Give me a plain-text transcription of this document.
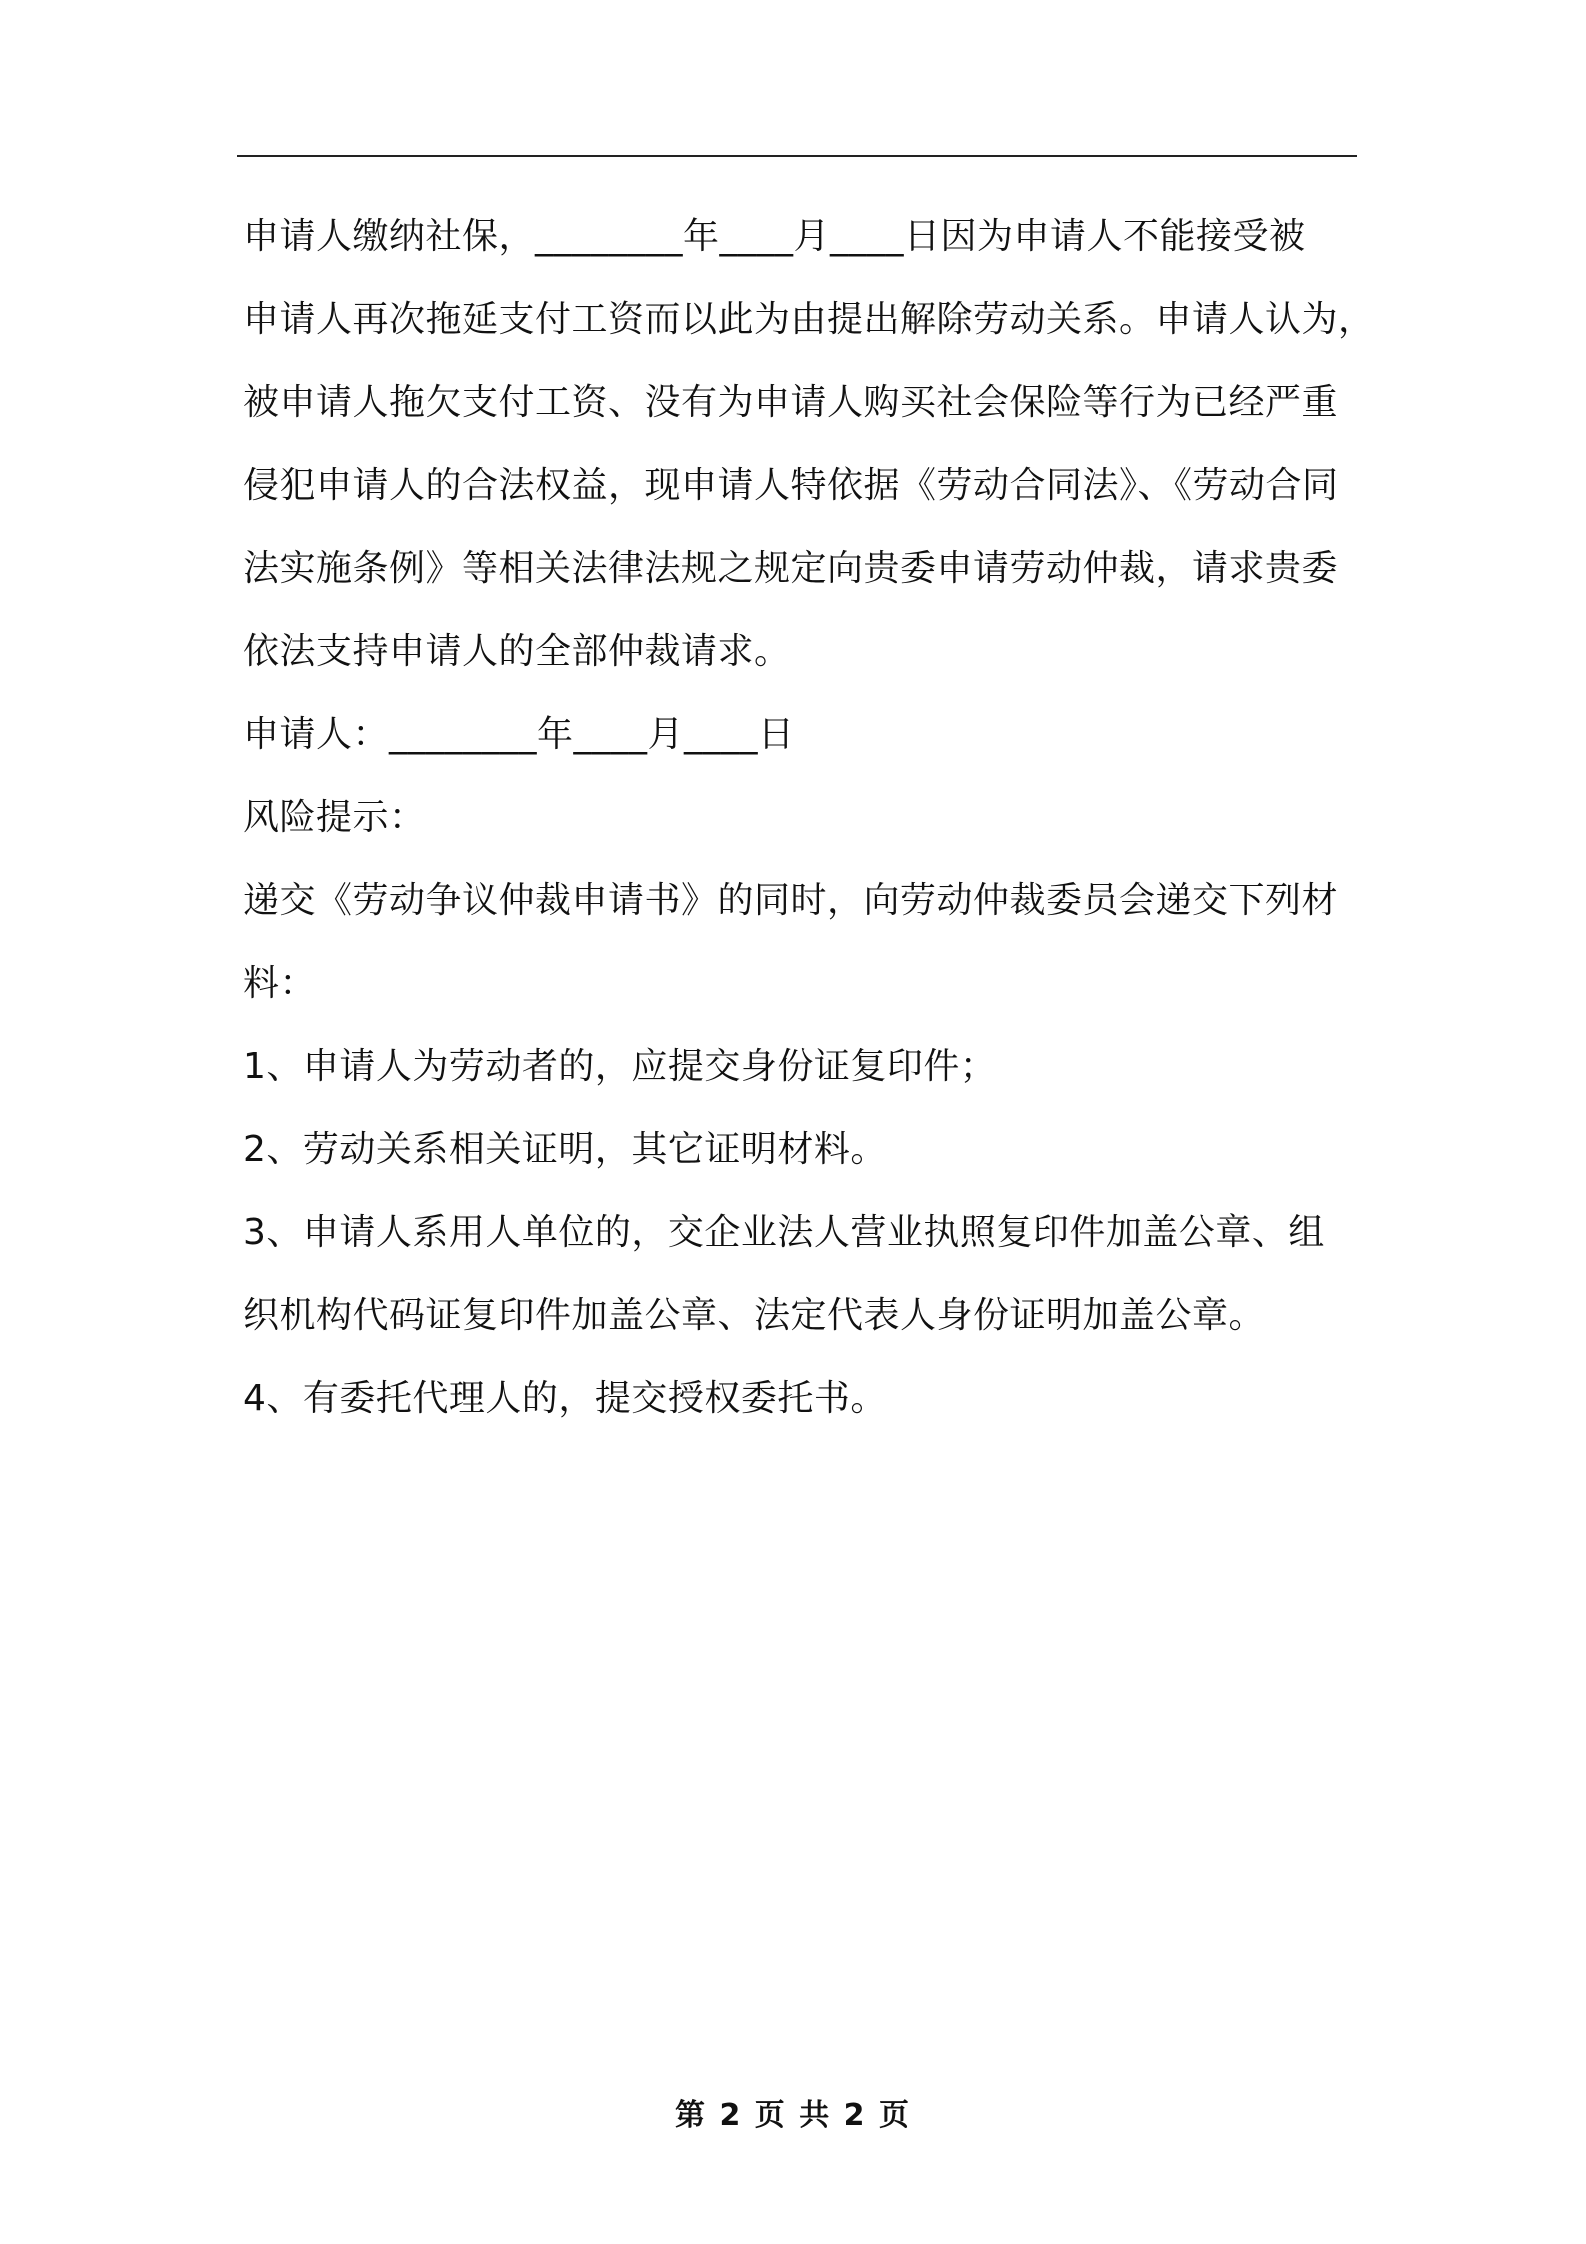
申请人缴纳社保，________年____月____日因为申请人不能接受被
申请人再次拖延支付工资而以此为由提出解除劳动关系。申请人认为，
被申请人拖欠支付工资、没有为申请人购买社会保险等行为已经严重
侵犯申请人的合法权益，现申请人特依据《劳动合同法》、《劳动合同
法实施条例》等相关法律法规之规定向贵委申请劳动仲裁，请求贵委
依法支持申请人的全部仲裁请求。
申请人：________年____月____日
风险提示：
递交《劳动争议仲裁申请书》的同时，向劳动仲裁委员会递交下列材
料：
1、申请人为劳动者的，应提交身份证复印件；
2、劳动关系相关证明，其它证明材料。
3、申请人系用人单位的，交企业法人营业执照复印件加盖公章、组
织机构代码证复印件加盖公章、法定代表人身份证明加盖公章。
4、有委托代理人的，提交授权委托书。
第 2 页 共 2 页
